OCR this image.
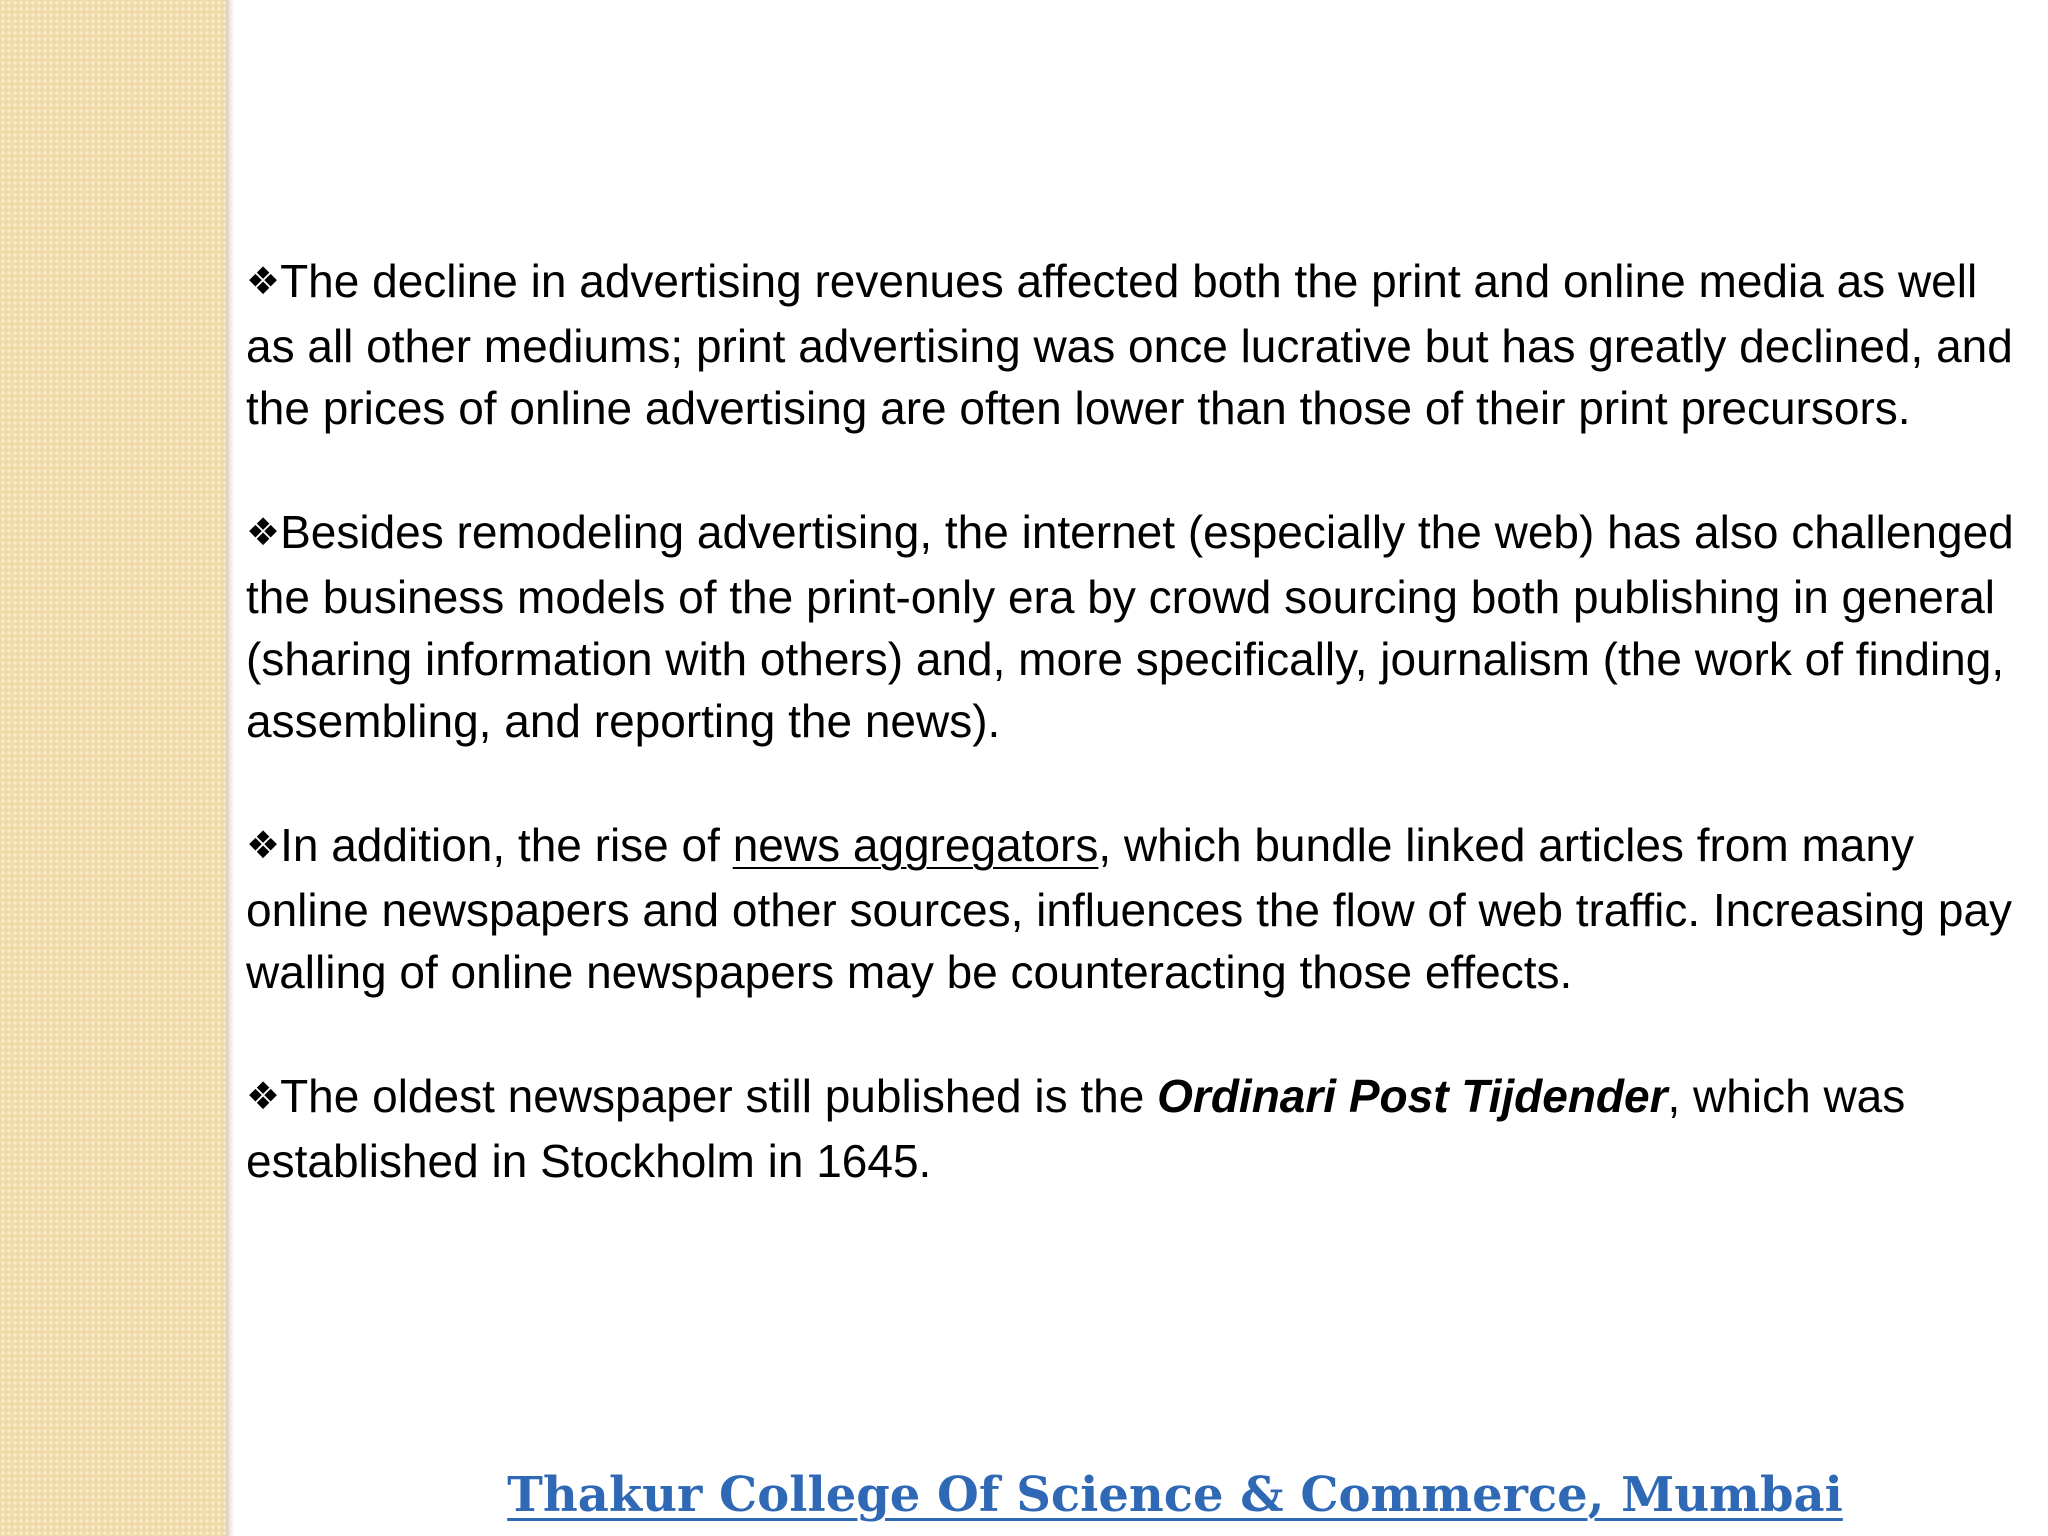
❖The decline in advertising revenues affected both the print and online media as well as all other mediums; print advertising was once lucrative but has greatly declined, and the prices of online advertising are often lower than those of their print precursors.

❖Besides remodeling advertising, the internet (especially the web) has also challenged the business models of the print-only era by crowd sourcing both publishing in general (sharing information with others) and, more specifically, journalism (the work of finding, assembling, and reporting the news).

❖In addition, the rise of news aggregators, which bundle linked articles from many online newspapers and other sources, influences the flow of web traffic. Increasing pay walling of online newspapers may be counteracting those effects.

❖The oldest newspaper still published is the Ordinari Post Tijdender, which was established in Stockholm in 1645.

Thakur College Of Science & Commerce, Mumbai
